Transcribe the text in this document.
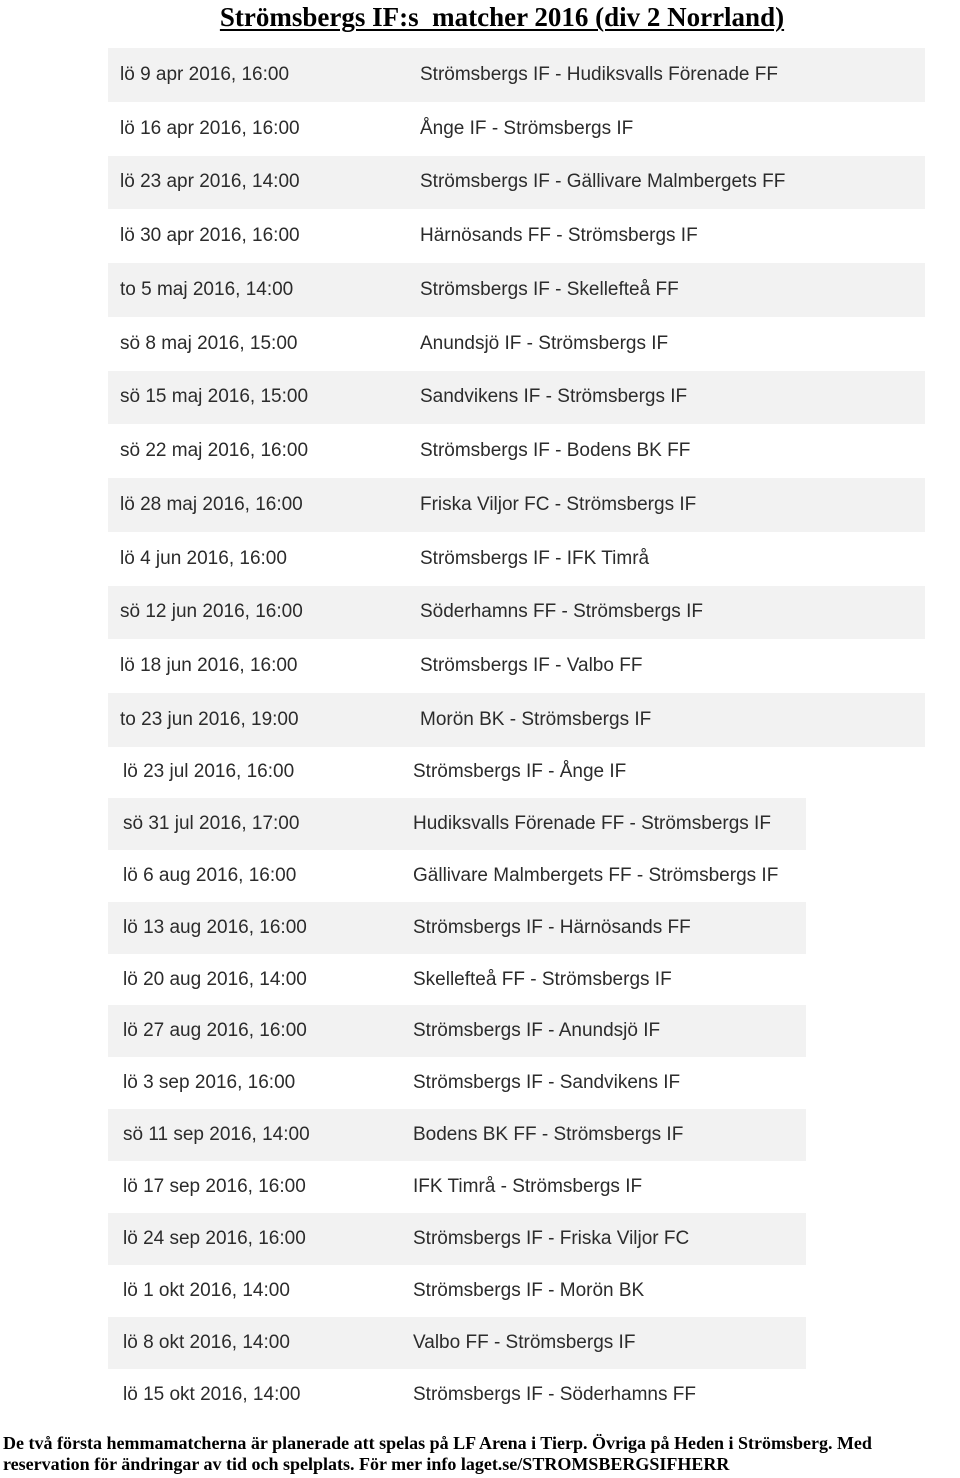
Strömsbergs IF:s  matcher 2016 (div 2 Norrland)
lö 9 apr 2016, 16:00	Strömsbergs IF - Hudiksvalls Förenade FF
lö 16 apr 2016, 16:00	Ånge IF - Strömsbergs IF
lö 23 apr 2016, 14:00	Strömsbergs IF - Gällivare Malmbergets FF
lö 30 apr 2016, 16:00	Härnösands FF - Strömsbergs IF
to 5 maj 2016, 14:00	Strömsbergs IF - Skellefteå FF
sö 8 maj 2016, 15:00	Anundsjö IF - Strömsbergs IF
sö 15 maj 2016, 15:00	Sandvikens IF - Strömsbergs IF
sö 22 maj 2016, 16:00	Strömsbergs IF - Bodens BK FF
lö 28 maj 2016, 16:00	Friska Viljor FC - Strömsbergs IF
lö 4 jun 2016, 16:00	Strömsbergs IF - IFK Timrå
sö 12 jun 2016, 16:00	Söderhamns FF - Strömsbergs IF
lö 18 jun 2016, 16:00	Strömsbergs IF - Valbo FF
to 23 jun 2016, 19:00	Morön BK - Strömsbergs IF
lö 23 jul 2016, 16:00	Strömsbergs IF - Ånge IF
sö 31 jul 2016, 17:00	Hudiksvalls Förenade FF - Strömsbergs IF
lö 6 aug 2016, 16:00	Gällivare Malmbergets FF - Strömsbergs IF
lö 13 aug 2016, 16:00	Strömsbergs IF - Härnösands FF
lö 20 aug 2016, 14:00	Skellefteå FF - Strömsbergs IF
lö 27 aug 2016, 16:00	Strömsbergs IF - Anundsjö IF
lö 3 sep 2016, 16:00	Strömsbergs IF - Sandvikens IF
sö 11 sep 2016, 14:00	Bodens BK FF - Strömsbergs IF
lö 17 sep 2016, 16:00	IFK Timrå - Strömsbergs IF
lö 24 sep 2016, 16:00	Strömsbergs IF - Friska Viljor FC
lö 1 okt 2016, 14:00	Strömsbergs IF - Morön BK
lö 8 okt 2016, 14:00	Valbo FF - Strömsbergs IF
lö 15 okt 2016, 14:00	Strömsbergs IF - Söderhamns FF

De två första hemmamatcherna är planerade att spelas på LF Arena i Tierp. Övriga på Heden i Strömsberg. Med

reservation för ändringar av tid och spelplats. För mer info laget.se/STROMSBERGSIFHERR
